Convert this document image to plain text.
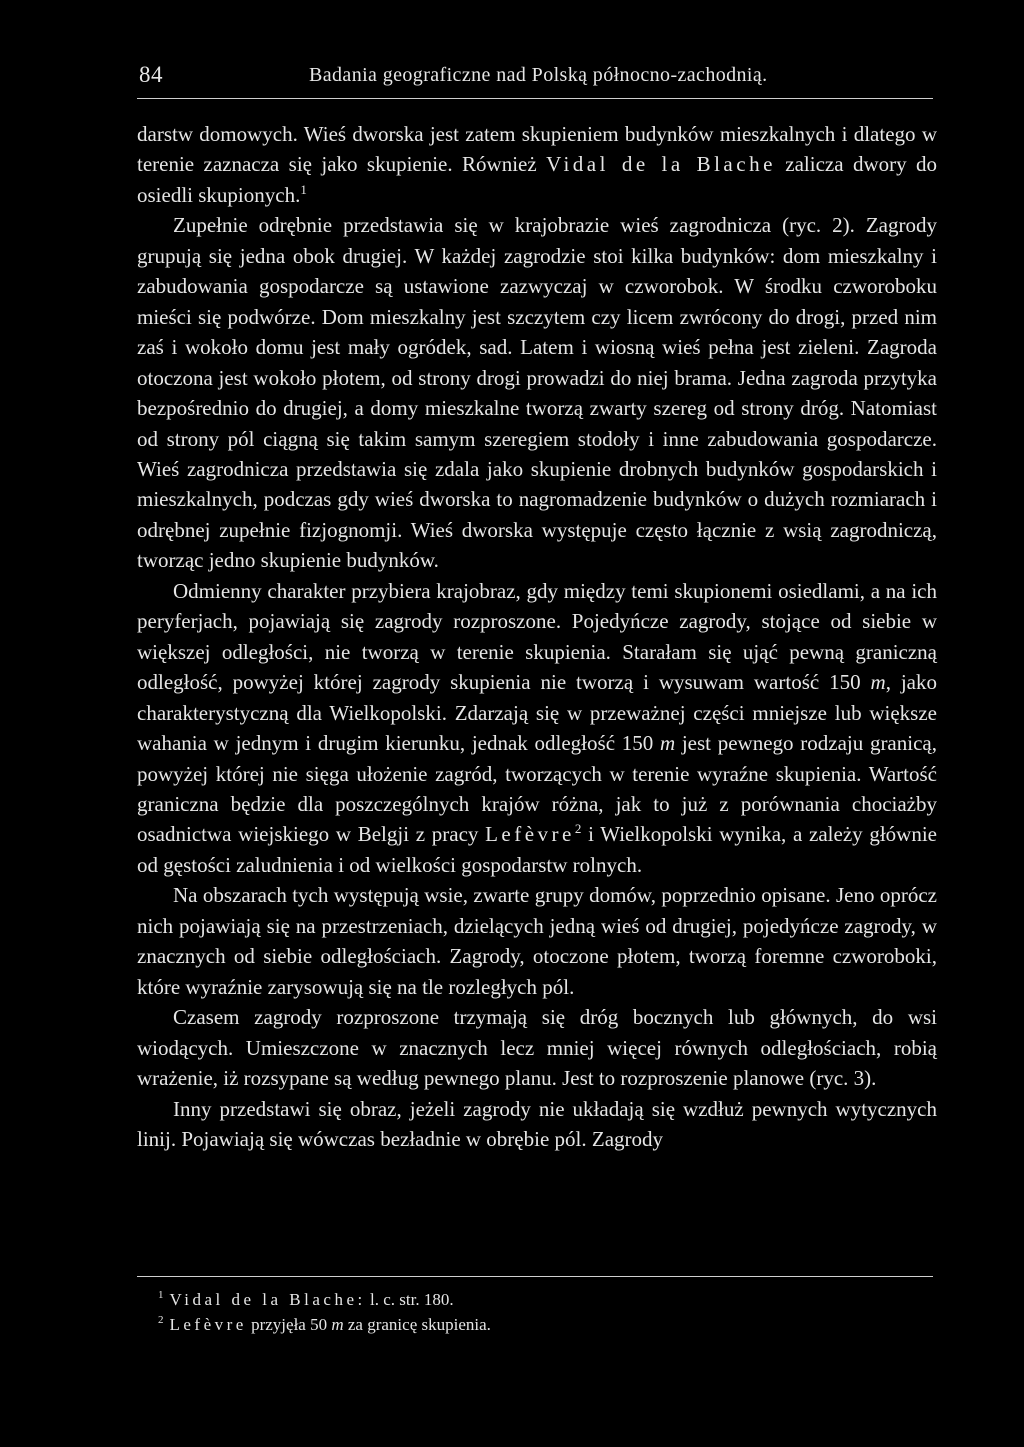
84	Badania geograficzne nad Polską północno-zachodnią.

darstw domowych. Wieś dworska jest zatem skupieniem budynków mieszkalnych i dlatego w terenie zaznacza się jako skupienie. Również Vidal de la Blache zalicza dwory do osiedli skupionych.$^1$

Zupełnie odrębnie przedstawia się w krajobrazie wieś zagrodnicza (ryc. 2). Zagrody grupują się jedna obok drugiej. W każdej zagrodzie stoi kilka budynków: dom mieszkalny i zabudowania gospodarcze są ustawione zazwyczaj w czworobok. W środku czworoboku mieści się podwórze. Dom mieszkalny jest szczytem czy licem zwrócony do drogi, przed nim zaś i wokoło domu jest mały ogródek, sad. Latem i wiosną wieś pełna jest zieleni. Zagroda otoczona jest wokoło płotem, od strony drogi prowadzi do niej brama. Jedna zagroda przytyka bezpośrednio do drugiej, a domy mieszkalne tworzą zwarty szereg od strony dróg. Natomiast od strony pól ciągną się takim samym szeregiem stodoły i inne zabudowania gospodarcze. Wieś zagrodnicza przedstawia się zdala jako skupienie drobnych budynków gospodarskich i mieszkalnych, podczas gdy wieś dworska to nagromadzenie budynków o dużych rozmiarach i odrębnej zupełnie fizjognomji. Wieś dworska występuje często łącznie z wsią zagrodniczą, tworząc jedno skupienie budynków.

Odmienny charakter przybiera krajobraz, gdy między temi skupionemi osiedlami, a na ich peryferjach, pojawiają się zagrody rozproszone. Pojedyńcze zagrody, stojące od siebie w większej odległości, nie tworzą w terenie skupienia. Starałam się ująć pewną graniczną odległość, powyżej której zagrody skupienia nie tworzą i wysuwam wartość 150 m, jako charakterystyczną dla Wielkopolski. Zdarzają się w przeważnej części mniejsze lub większe wahania w jednym i drugim kierunku, jednak odległość 150 m jest pewnego rodzaju granicą, powyżej której nie sięga ułożenie zagród, tworzących w terenie wyraźne skupienia. Wartość graniczna będzie dla poszczególnych krajów różna, jak to już z porównania chociażby osadnictwa wiejskiego w Belgji z pracy Lefèvre$^2$ i Wielkopolski wynika, a zależy głównie od gęstości zaludnienia i od wielkości gospodarstw rolnych.

Na obszarach tych występują wsie, zwarte grupy domów, poprzednio opisane. Jeno oprócz nich pojawiają się na przestrzeniach, dzielących jedną wieś od drugiej, pojedyńcze zagrody, w znacznych od siebie odległościach. Zagrody, otoczone płotem, tworzą foremne czworoboki, które wyraźnie zarysowują się na tle rozległych pól.

Czasem zagrody rozproszone trzymają się dróg bocznych lub głównych, do wsi wiodących. Umieszczone w znacznych lecz mniej więcej równych odległościach, robią wrażenie, iż rozsypane są według pewnego planu. Jest to rozproszenie planowe (ryc. 3).

Inny przedstawi się obraz, jeżeli zagrody nie układają się wzdłuż pewnych wytycznych linij. Pojawiają się wówczas bezładnie w obrębie pól. Zagrody

$^1$ Vidal de la Blache: l. c. str. 180.

$^2$ Lefèvre przyjęła 50 m za granicę skupienia.
